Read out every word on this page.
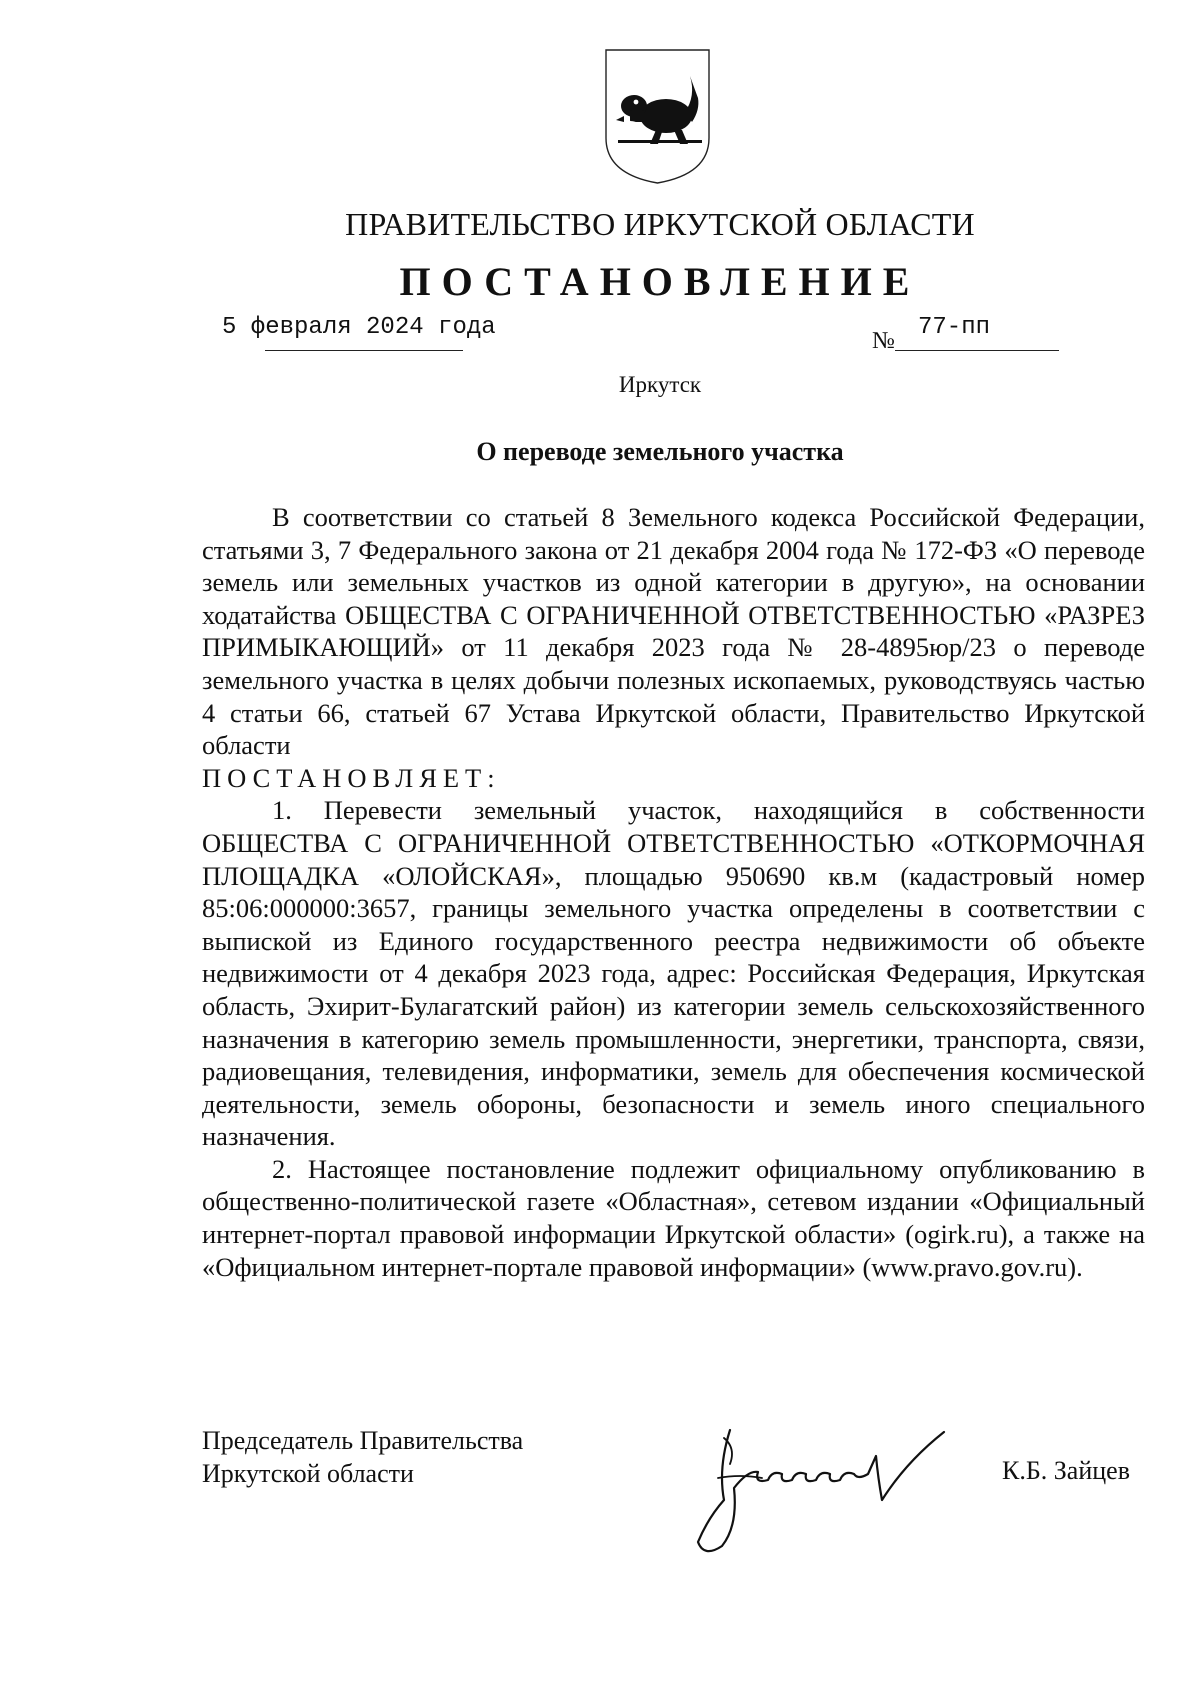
ПРАВИТЕЛЬСТВО ИРКУТСКОЙ ОБЛАСТИ
ПОСТАНОВЛЕНИЕ
5 февраля 2024 года	№ 77-пп
Иркутск
О переводе земельного участка

В соответствии со статьей 8 Земельного кодекса Российской Федерации, статьями 3, 7 Федерального закона от 21 декабря 2004 года № 172-ФЗ «О переводе земель или земельных участков из одной категории в другую», на основании ходатайства ОБЩЕСТВА С ОГРАНИЧЕННОЙ ОТВЕТСТВЕННОСТЬЮ «РАЗРЕЗ ПРИМЫКАЮЩИЙ» от 11 декабря 2023 года № 28-4895юр/23 о переводе земельного участка в целях добычи полезных ископаемых, руководствуясь частью 4 статьи 66, статьей 67 Устава Иркутской области, Правительство Иркутской области

ПОСТАНОВЛЯЕТ:

1. Перевести земельный участок, находящийся в собственности ОБЩЕСТВА С ОГРАНИЧЕННОЙ ОТВЕТСТВЕННОСТЬЮ «ОТКОРМОЧНАЯ ПЛОЩАДКА «ОЛОЙСКАЯ», площадью 950690 кв.м (кадастровый номер 85:06:000000:3657, границы земельного участка определены в соответствии с выпиской из Единого государственного реестра недвижимости об объекте недвижимости от 4 декабря 2023 года, адрес: Российская Федерация, Иркутская область, Эхирит-Булагатский район) из категории земель сельскохозяйственного назначения в категорию земель промышленности, энергетики, транспорта, связи, радиовещания, телевидения, информатики, земель для обеспечения космической деятельности, земель обороны, безопасности и земель иного специального назначения.

2. Настоящее постановление подлежит официальному опубликованию в общественно-политической газете «Областная», сетевом издании «Официальный интернет-портал правовой информации Иркутской области» (ogirk.ru), а также на «Официальном интернет-портале правовой информации» (www.pravo.gov.ru).

Председатель Правительства
Иркутской области	К.Б. Зайцев
